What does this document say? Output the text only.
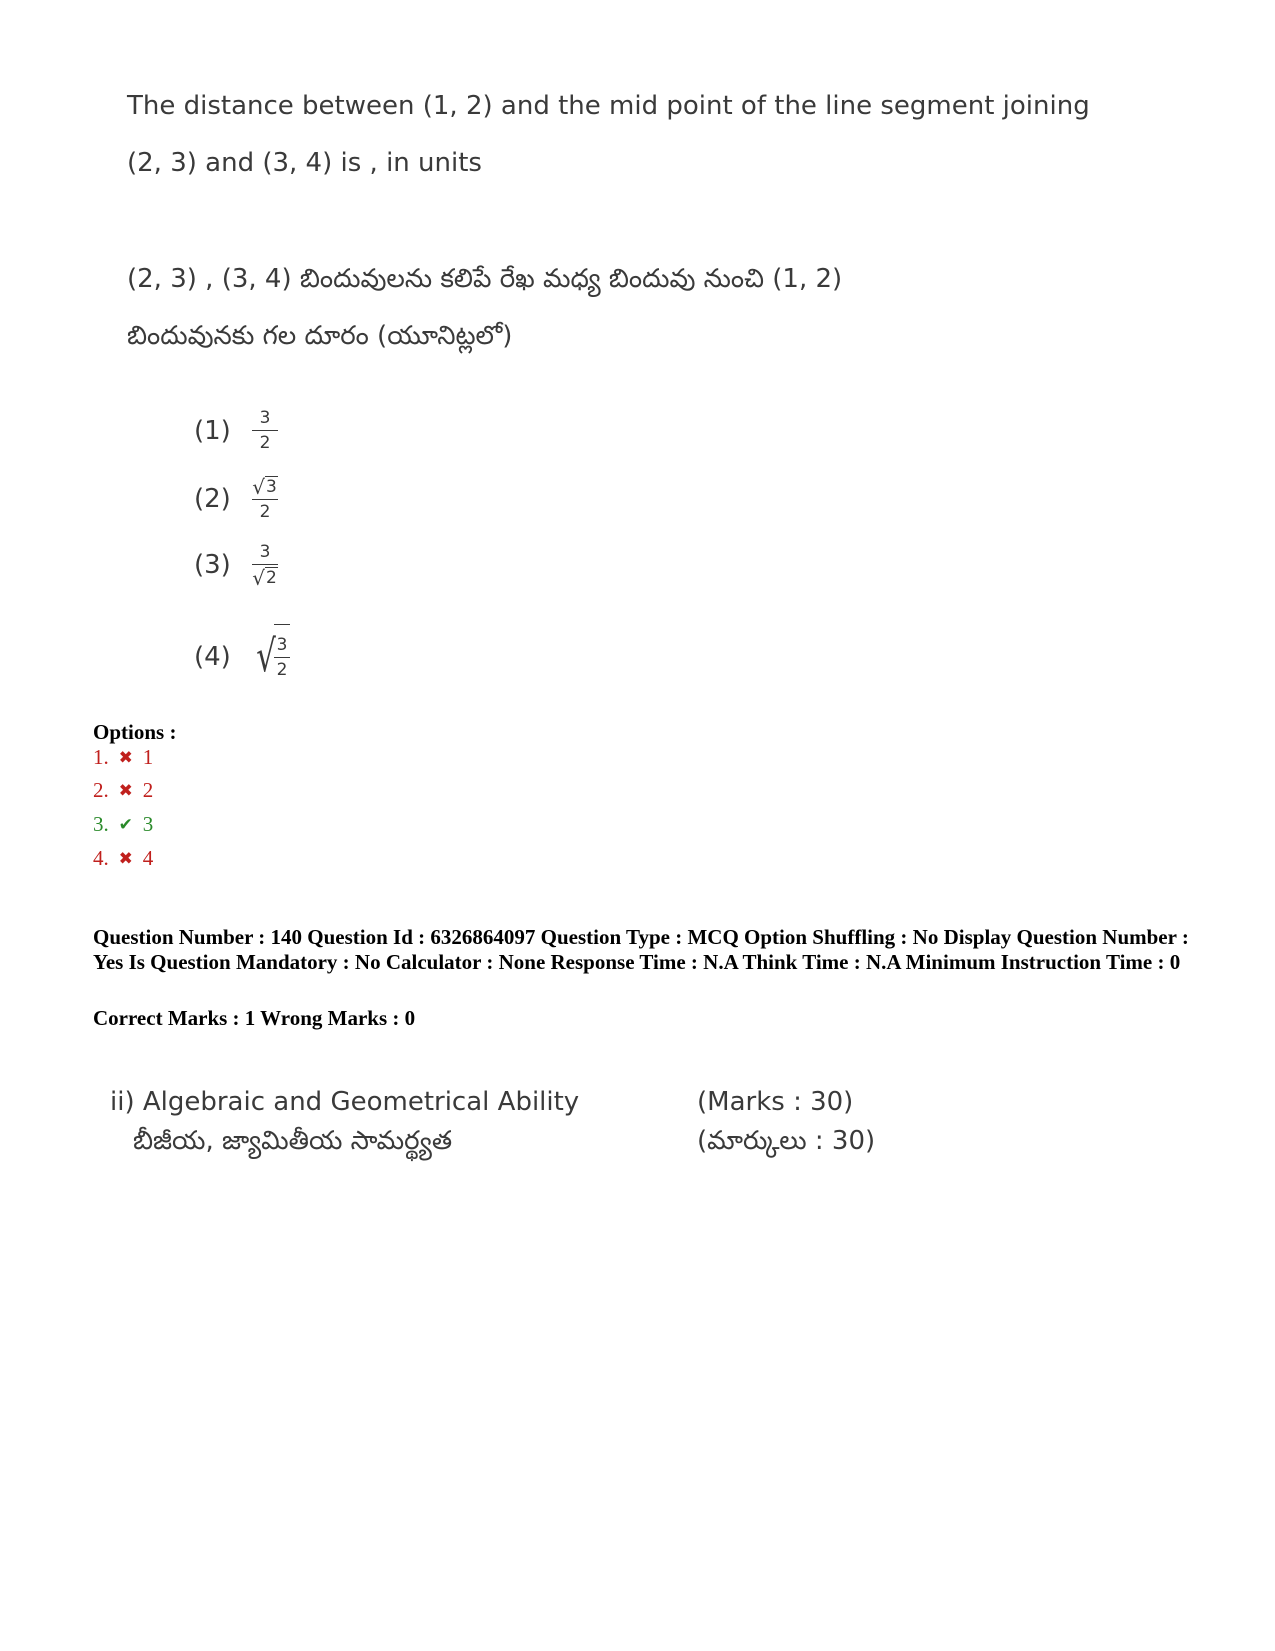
The distance between (1, 2) and the mid point of the line segment joining
(2, 3) and (3, 4) is , in units
(2, 3) , (3, 4) బిందువులను కలిపే రేఖ మధ్య బిందువు నుంచి (1, 2)
బిందువునకు గల దూరం (యూనిట్లలో)
(1)	$\frac{3}{2}$
(2)	$\frac{√ 3}{2}$
(3)	$\frac{3}{√ 2}$
(4) √
$\frac{3}{2}$
Options :
1. ✖ 1
2. ✖ 2
3. ✔ 3
4. ✖ 4
Question Number : 140 Question Id : 6326864097 Question Type : MCQ Option Shuffling : No Display Question Number : Yes Is Question Mandatory : No Calculator : None Response Time : N.A Think Time : N.A Minimum Instruction Time : 0
Correct Marks : 1 Wrong Marks : 0
ii) Algebraic and Geometrical Ability
బీజీయ, జ్యామితీయ సామర్థ్యత
(Marks : 30)
(మార్కులు : 30)
